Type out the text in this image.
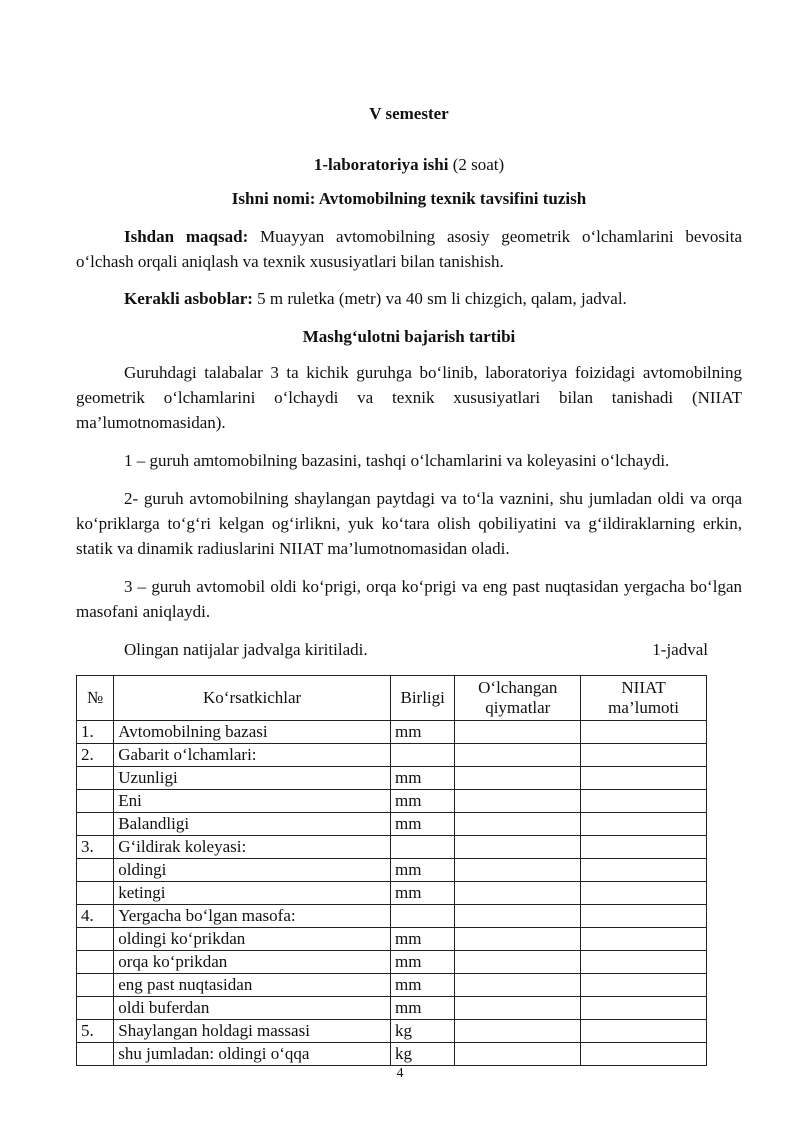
V semester
1-laboratoriya ishi (2 soat)
Ishni nomi: Avtomobilning texnik tavsifini tuzish
Ishdan maqsad: Muayyan avtomobilning asosiy geometrik o‘lchamlarini bevosita o‘lchash orqali aniqlash va texnik xususiyatlari bilan tanishish.
Kerakli asboblar: 5 m ruletka (metr) va 40 sm li chizgich, qalam, jadval.
Mashg‘ulotni bajarish tartibi
Guruhdagi talabalar 3 ta kichik guruhga bo‘linib, laboratoriya foizidagi avtomobilning geometrik o‘lchamlarini o‘lchaydi va texnik xususiyatlari bilan tanishadi (NIIAT ma’lumotnomasidan).
1 – guruh amtomobilning bazasini, tashqi o‘lchamlarini va koleyasini o‘lchaydi.
2- guruh avtomobilning shaylangan paytdagi va to‘la vaznini, shu jumladan oldi va orqa ko‘priklarga to‘g‘ri kelgan og‘irlikni, yuk ko‘tara olish qobiliyatini va g‘ildiraklarning erkin, statik va dinamik radiuslarini NIIAT ma’lumotnomasidan oladi.
3 – guruh avtomobil oldi ko‘prigi, orqa ko‘prigi va eng past nuqtasidan yergacha bo‘lgan masofani aniqlaydi.
Olingan natijalar jadvalga kiritiladi.	1-jadval
№	Ko‘rsatkichlar	Birligi	O‘lchangan qiymatlar	NIIAT ma’lumoti
1.	Avtomobilning bazasi	mm		
2.	Gabarit o‘lchamlari:			
	Uzunligi	mm		
	Eni	mm		
	Balandligi	mm		
3.	G‘ildirak koleyasi:			
	oldingi	mm		
	ketingi	mm		
4.	Yergacha bo‘lgan masofa:			
	oldingi ko‘prikdan	mm		
	orqa ko‘prikdan	mm		
	eng past nuqtasidan	mm		
	oldi buferdan	mm		
5.	Shaylangan holdagi massasi	kg		
	shu jumladan: oldingi o‘qqa	kg		
4
